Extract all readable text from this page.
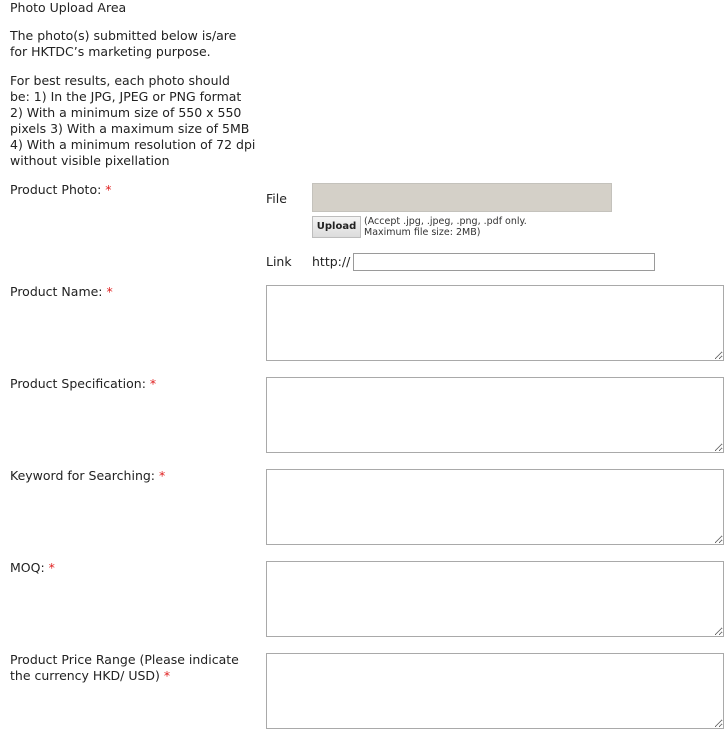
Photo Upload Area
The photo(s) submitted below is/are
for HKTDC’s marketing purpose.
For best results, each photo should
be: 1) In the JPG, JPEG or PNG format
2) With a minimum size of 550 x 550
pixels 3) With a maximum size of 5MB
4) With a minimum resolution of 72 dpi
without visible pixellation
Product Photo: *
File
Upload (Accept .jpg, .jpeg, .png, .pdf only.
Maximum file size: 2MB)
Link http://
Product Name: *
Product Specification: *
Keyword for Searching: *
MOQ: *
Product Price Range (Please indicate
the currency HKD/ USD) *
